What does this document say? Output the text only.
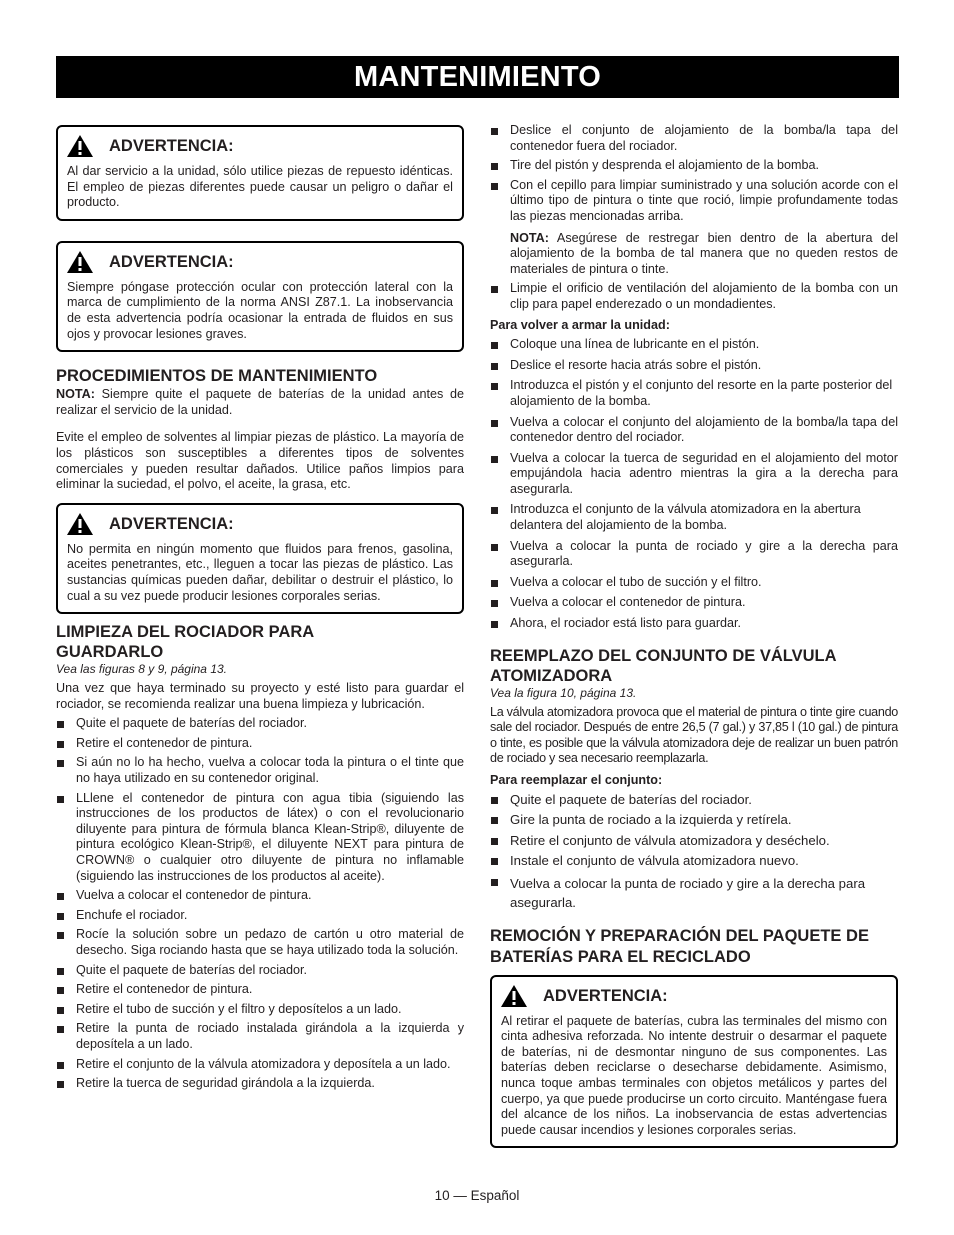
MANTENIMIENTO
ADVERTENCIA:

Al dar servicio a la unidad, sólo utilice piezas de repuesto idénticas. El empleo de piezas diferentes puede causar un peligro o dañar el producto.

ADVERTENCIA:

Siempre póngase protección ocular con protección lateral con la marca de cumplimiento de la norma ANSI Z87.1. La inobservancia de esta advertencia podría ocasionar la entrada de fluidos en sus ojos y provocar lesiones graves.

PROCEDIMIENTOS DE MANTENIMIENTO

NOTA: Siempre quite el paquete de baterías de la unidad antes de realizar el servicio de la unidad.

Evite el empleo de solventes al limpiar piezas de plástico. La mayoría de los plásticos son susceptibles a diferentes tipos de solventes comerciales y pueden resultar dañados. Utilice paños limpios para eliminar la suciedad, el polvo, el aceite, la grasa, etc.

ADVERTENCIA:

No permita en ningún momento que fluidos para frenos, gasolina, aceites penetrantes, etc., lleguen a tocar las piezas de plástico. Las sustancias químicas pueden dañar, debilitar o destruir el plástico, lo cual a su vez puede producir lesiones corporales serias.

LIMPIEZA DEL ROCIADOR PARA
GUARDARLO
Vea las figuras 8 y 9, página 13.

Una vez que haya terminado su proyecto y esté listo para guardar el rociador, se recomienda realizar una buena limpieza y lubricación.

Quite el paquete de baterías del rociador.
Retire el contenedor de pintura.
Si aún no lo ha hecho, vuelva a colocar toda la pintura o el tinte que no haya utilizado en su contenedor original.
LLlene el contenedor de pintura con agua tibia (siguiendo las instrucciones de los productos de látex) o con el revolucionario diluyente para pintura de fórmula blanca Klean-Strip®, diluyente de pintura ecológico Klean-Strip®, el diluyente NEXT para pintura de CROWN® o cualquier otro diluyente de pintura no inflamable (siguiendo las instrucciones de los productos al aceite).
Vuelva a colocar el contenedor de pintura.
Enchufe el rociador.
Rocíe la solución sobre un pedazo de cartón u otro material de desecho. Siga rociando hasta que se haya utilizado toda la solución.
Quite el paquete de baterías del rociador.
Retire el contenedor de pintura.
Retire el tubo de succión y el filtro y deposítelos a un lado.
Retire la punta de rociado instalada girándola a la izquierda y deposítela a un lado.
Retire el conjunto de la válvula atomizadora y deposítela a un lado.
Retire la tuerca de seguridad girándola a la izquierda.
Deslice el conjunto de alojamiento de la bomba/la tapa del contenedor fuera del rociador.
Tire del pistón y desprenda el alojamiento de la bomba.
Con el cepillo para limpiar suministrado y una solución acorde con el último tipo de pintura o tinte que roció, limpie profundamente todas las piezas mencionadas arriba.

NOTA: Asegúrese de restregar bien dentro de la abertura del alojamiento de la bomba de tal manera que no queden restos de materiales de pintura o tinte.

Limpie el orificio de ventilación del alojamiento de la bomba con un clip para papel enderezado o un mondadientes.
Para volver a armar la unidad:
Coloque una línea de lubricante en el pistón.
Deslice el resorte hacia atrás sobre el pistón.
Introduzca el pistón y el conjunto del resorte en la parte posterior del alojamiento de la bomba.
Vuelva a colocar el conjunto del alojamiento de la bomba/la tapa del contenedor dentro del rociador.
Vuelva a colocar la tuerca de seguridad en el alojamiento del motor empujándola hacia adentro mientras la gira a la derecha para asegurarla.
Introduzca el conjunto de la válvula atomizadora en la abertura delantera del alojamiento de la bomba.
Vuelva a colocar la punta de rociado y gire a la derecha para asegurarla.
Vuelva a colocar el tubo de succión y el filtro.
Vuelva a colocar el contenedor de pintura.
Ahora, el rociador está listo para guardar.
REEMPLAZO DEL CONJUNTO DE VÁLVULA
ATOMIZADORA
Vea la figura 10, página 13.

La válvula atomizadora provoca que el material de pintura o tinte gire cuando sale del rociador. Después de entre 26,5 (7 gal.) y 37,85 l (10 gal.) de pintura o tinte, es posible que la válvula atomizadora deje de realizar un buen patrón de rociado y sea necesario reemplazarla.

Para reemplazar el conjunto:
Quite el paquete de baterías del rociador.
Gire la punta de rociado a la izquierda y retírela.
Retire el conjunto de válvula atomizadora y deséchelo.
Instale el conjunto de válvula atomizadora nuevo.
Vuelva a colocar la punta de rociado y gire a la derecha para asegurarla.
REMOCIÓN Y PREPARACIÓN DEL PAQUETE DE
BATERÍAS PARA EL RECICLADO
ADVERTENCIA:

Al retirar el paquete de baterías, cubra las terminales del mismo con cinta adhesiva reforzada. No intente destruir o desarmar el paquete de baterías, ni de desmontar ninguno de sus componentes. Las baterías deben reciclarse o desecharse debidamente. Asimismo, nunca toque ambas terminales con objetos metálicos y partes del cuerpo, ya que puede producirse un corto circuito. Manténgase fuera del alcance de los niños. La inobservancia de estas advertencias puede causar incendios y lesiones corporales serias.

10 — Español
